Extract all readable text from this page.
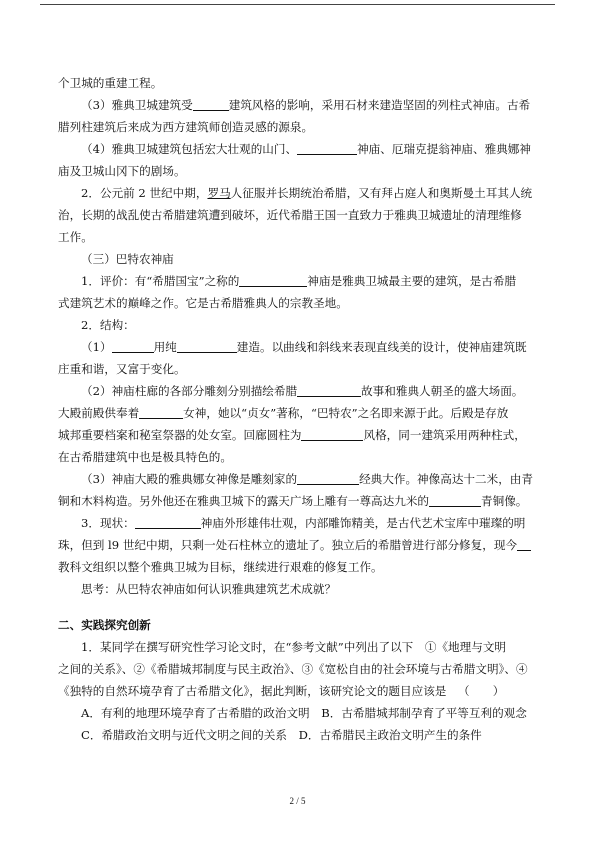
个卫城的重建工程。

（3）雅典卫城建筑受	建筑风格的影响，采用石材来建造坚固的列柱式神庙。古希

腊列柱建筑后来成为西方建筑师创造灵感的源泉。

（4）雅典卫城建筑包括宏大壮观的山门、	神庙、厄瑞克提翁神庙、雅典娜神

庙及卫城山冈下的剧场。

2．公元前 2 世纪中期，罗马人征服并长期统治希腊，又有拜占庭人和奥斯曼土耳其人统

治，长期的战乱使古希腊建筑遭到破坏，近代希腊王国一直致力于雅典卫城遗址的清理维修

工作。

（三）巴特农神庙

1．评价：有“希腊国宝”之称的	神庙是雅典卫城最主要的建筑，是古希腊

式建筑艺术的巅峰之作。它是古希腊雅典人的宗教圣地。

2．结构：

（1）	用纯	建造。以曲线和斜线来表现直线美的设计，使神庙建筑既

庄重和谐，又富于变化。

（2）神庙柱廊的各部分雕刻分别描绘希腊	故事和雅典人朝圣的盛大场面。

大殿前殿供奉着	女神，她以“贞女”著称，“巴特农”之名即来源于此。后殿是存放

城邦重要档案和秘室祭器的处女室。回廊圆柱为	风格，同一建筑采用两种柱式，

在古希腊建筑中也是极具特色的。

（3）神庙大殿的雅典娜女神像是雕刻家的	经典大作。神像高达十二米，由青

铜和木料构造。另外他还在雅典卫城下的露天广场上雕有一尊高达九米的	青铜像。

3．现状：	神庙外形雄伟壮观，内部雕饰精美，是古代艺术宝库中璀璨的明

珠，但到 l9 世纪中期，只剩一处石柱林立的遗址了。独立后的希腊曾进行部分修复，现今

教科文组织以整个雅典卫城为目标，继续进行艰难的修复工作。

思考：从巴特农神庙如何认识雅典建筑艺术成就？

二、实践探究创新

1．某同学在撰写研究性学习论文时，在“参考文献”中列出了以下  ①《地理与文明

之间的关系》、②《希腊城邦制度与民主政治》、③《宽松自由的社会环境与古希腊文明》、④

《独特的自然环境孕育了古希腊文化》，据此判断，该研究论文的题目应该是  （　　）

A．有利的地理环境孕育了古希腊的政治文明  B．古希腊城邦制孕育了平等互利的观念

C．希腊政治文明与近代文明之间的关系  D．古希腊民主政治文明产生的条件

2 / 5
